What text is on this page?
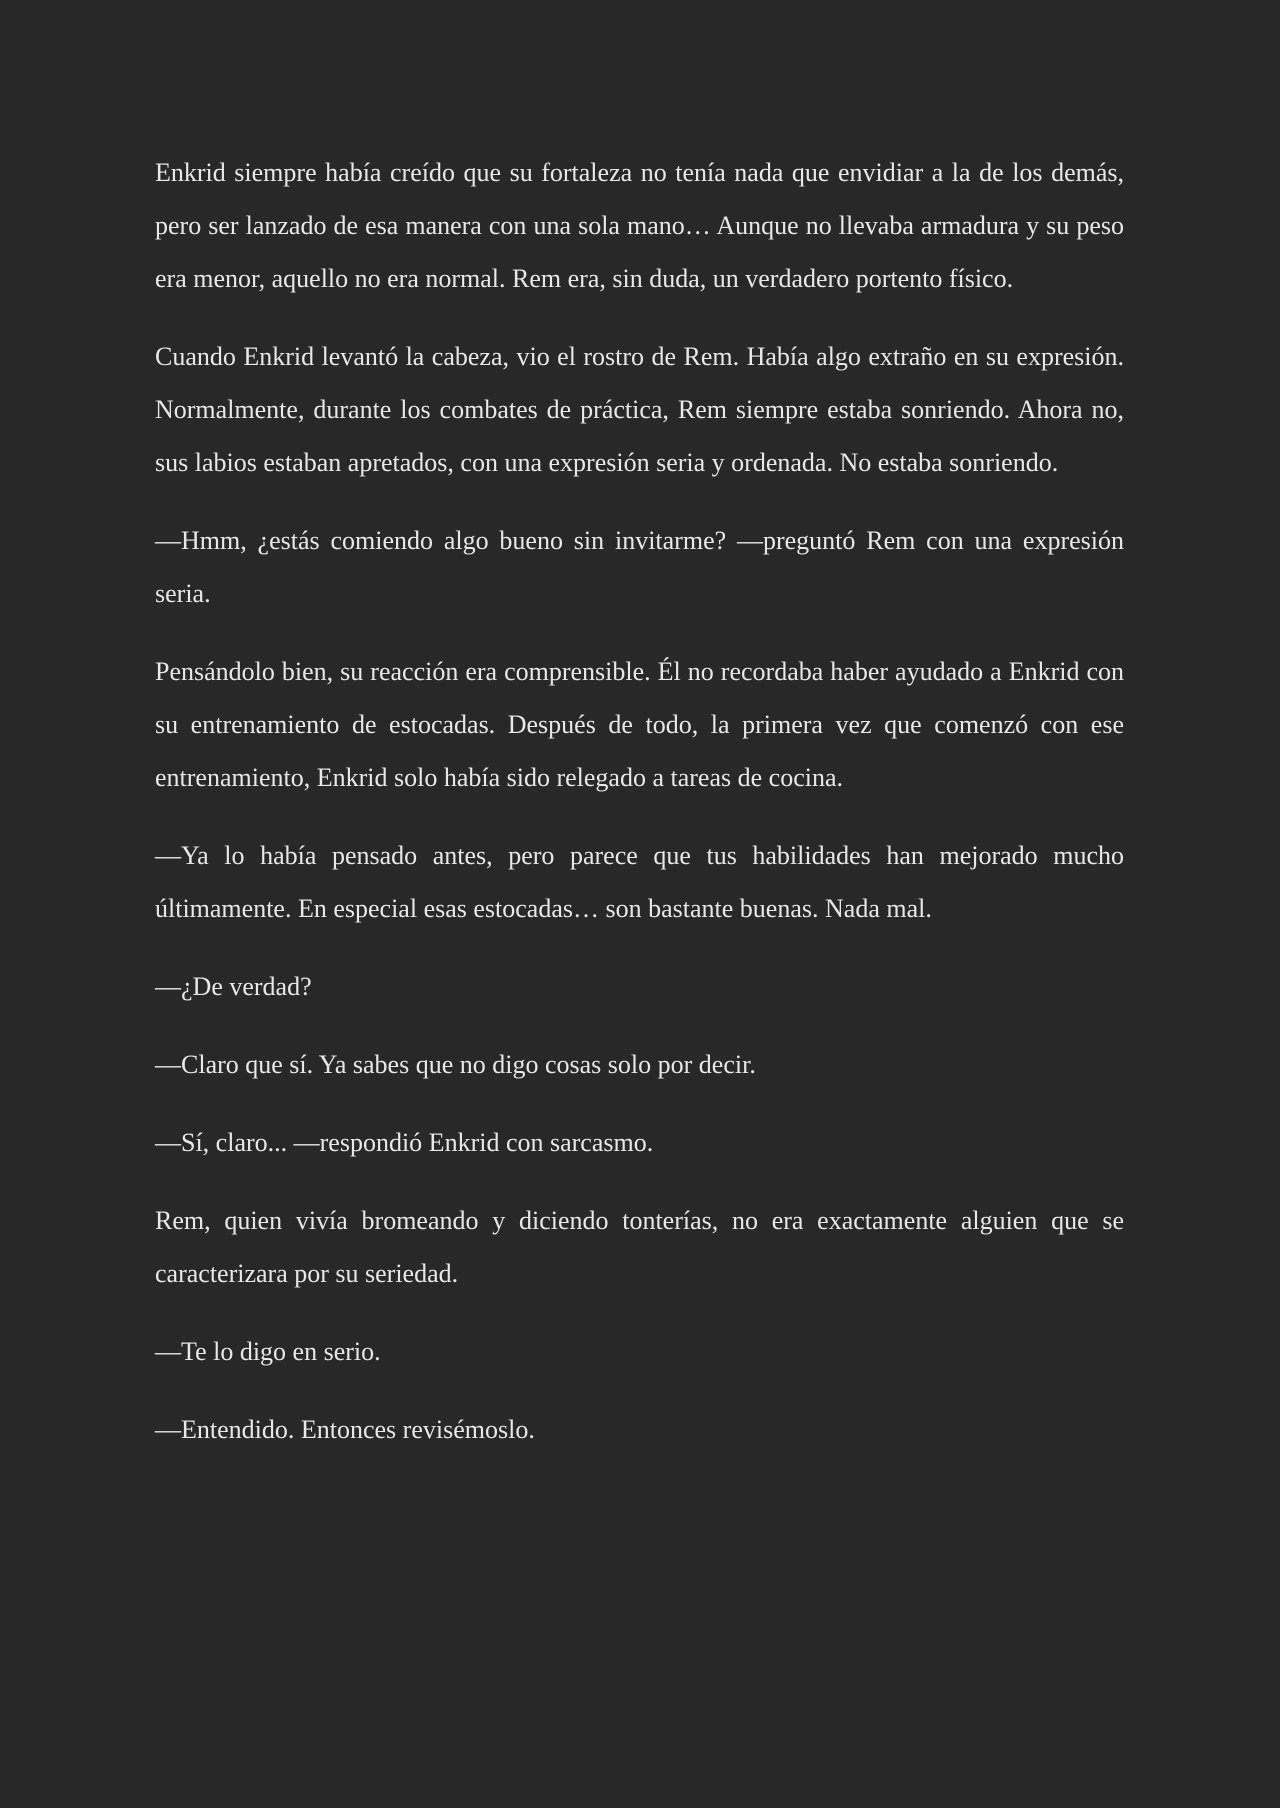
Enkrid siempre había creído que su fortaleza no tenía nada que envidiar a la de los demás, pero ser lanzado de esa manera con una sola mano… Aunque no llevaba armadura y su peso era menor, aquello no era normal. Rem era, sin duda, un verdadero portento físico.

Cuando Enkrid levantó la cabeza, vio el rostro de Rem. Había algo extraño en su expresión. Normalmente, durante los combates de práctica, Rem siempre estaba sonriendo. Ahora no, sus labios estaban apretados, con una expresión seria y ordenada. No estaba sonriendo.

—Hmm, ¿estás comiendo algo bueno sin invitarme? —preguntó Rem con una expresión seria.

Pensándolo bien, su reacción era comprensible. Él no recordaba haber ayudado a Enkrid con su entrenamiento de estocadas. Después de todo, la primera vez que comenzó con ese entrenamiento, Enkrid solo había sido relegado a tareas de cocina.

—Ya lo había pensado antes, pero parece que tus habilidades han mejorado mucho últimamente. En especial esas estocadas… son bastante buenas. Nada mal.

—¿De verdad?

—Claro que sí. Ya sabes que no digo cosas solo por decir.

—Sí, claro... —respondió Enkrid con sarcasmo.

Rem, quien vivía bromeando y diciendo tonterías, no era exactamente alguien que se caracterizara por su seriedad.

—Te lo digo en serio.

—Entendido. Entonces revisémoslo.
